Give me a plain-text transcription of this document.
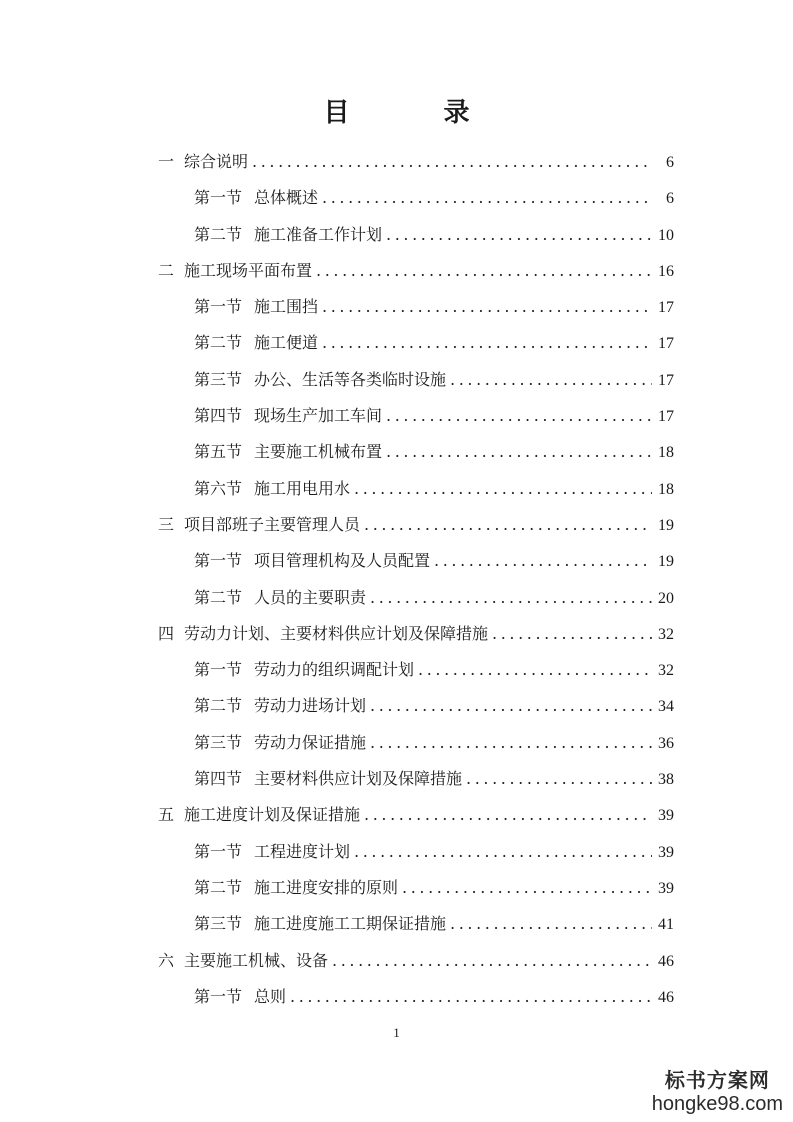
目　录
一 综合说明 .....	6
第一节 总体概述 .....	6
第二节 施工准备工作计划 .....	10
二 施工现场平面布置 .....	16
第一节 施工围挡 .....	17
第二节 施工便道 .....	17
第三节 办公、生活等各类临时设施 .....	17
第四节 现场生产加工车间 .....	17
第五节 主要施工机械布置 .....	18
第六节 施工用电用水 .....	18
三 项目部班子主要管理人员 .....	19
第一节 项目管理机构及人员配置 .....	19
第二节 人员的主要职责 .....	20
四 劳动力计划、主要材料供应计划及保障措施 .....	32
第一节 劳动力的组织调配计划 .....	32
第二节 劳动力进场计划 .....	34
第三节 劳动力保证措施 .....	36
第四节 主要材料供应计划及保障措施 .....	38
五 施工进度计划及保证措施 .....	39
第一节 工程进度计划 .....	39
第二节 施工进度安排的原则 .....	39
第三节 施工进度施工工期保证措施 .....	41
六 主要施工机械、设备 .....	46
第一节 总则 .....	46
1
标书方案网
hongke98.com
